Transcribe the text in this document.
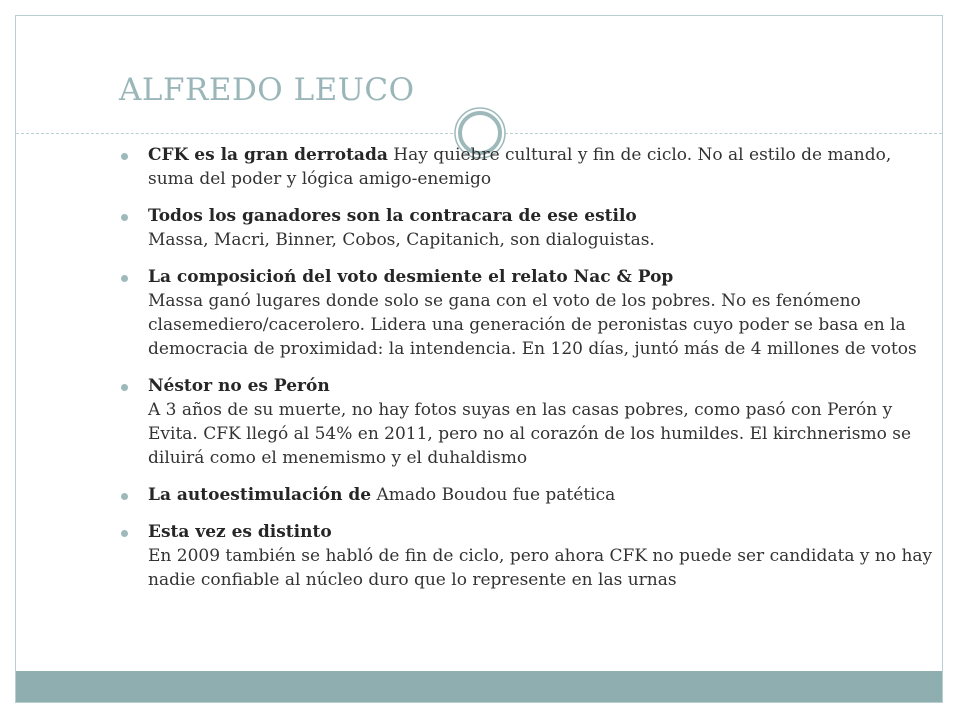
ALFREDO LEUCO
CFK es la gran derrotada Hay quiebre cultural y fin de ciclo. No al estilo de mando, suma del poder y lógica amigo-enemigo
Todos los ganadores son la contracara de ese estilo
Massa, Macri, Binner, Cobos, Capitanich, son dialoguistas.
La composicioń del voto desmiente el relato Nac & Pop
Massa ganó lugares donde solo se gana con el voto de los pobres. No es fenómeno clasemediero/cacerolero. Lidera una generación de peronistas cuyo poder se basa en la democracia de proximidad: la intendencia. En 120 días, juntó más de 4 millones de votos
Néstor no es Perón
A 3 años de su muerte, no hay fotos suyas en las casas pobres, como pasó con Perón y Evita. CFK llegó al 54% en 2011, pero no al corazón de los humildes. El kirchnerismo se diluirá como el menemismo y el duhaldismo
La autoestimulación de Amado Boudou fue patética
Esta vez es distinto
En 2009 también se habló de fin de ciclo, pero ahora CFK no puede ser candidata y no hay nadie confiable al núcleo duro que lo represente en las urnas
